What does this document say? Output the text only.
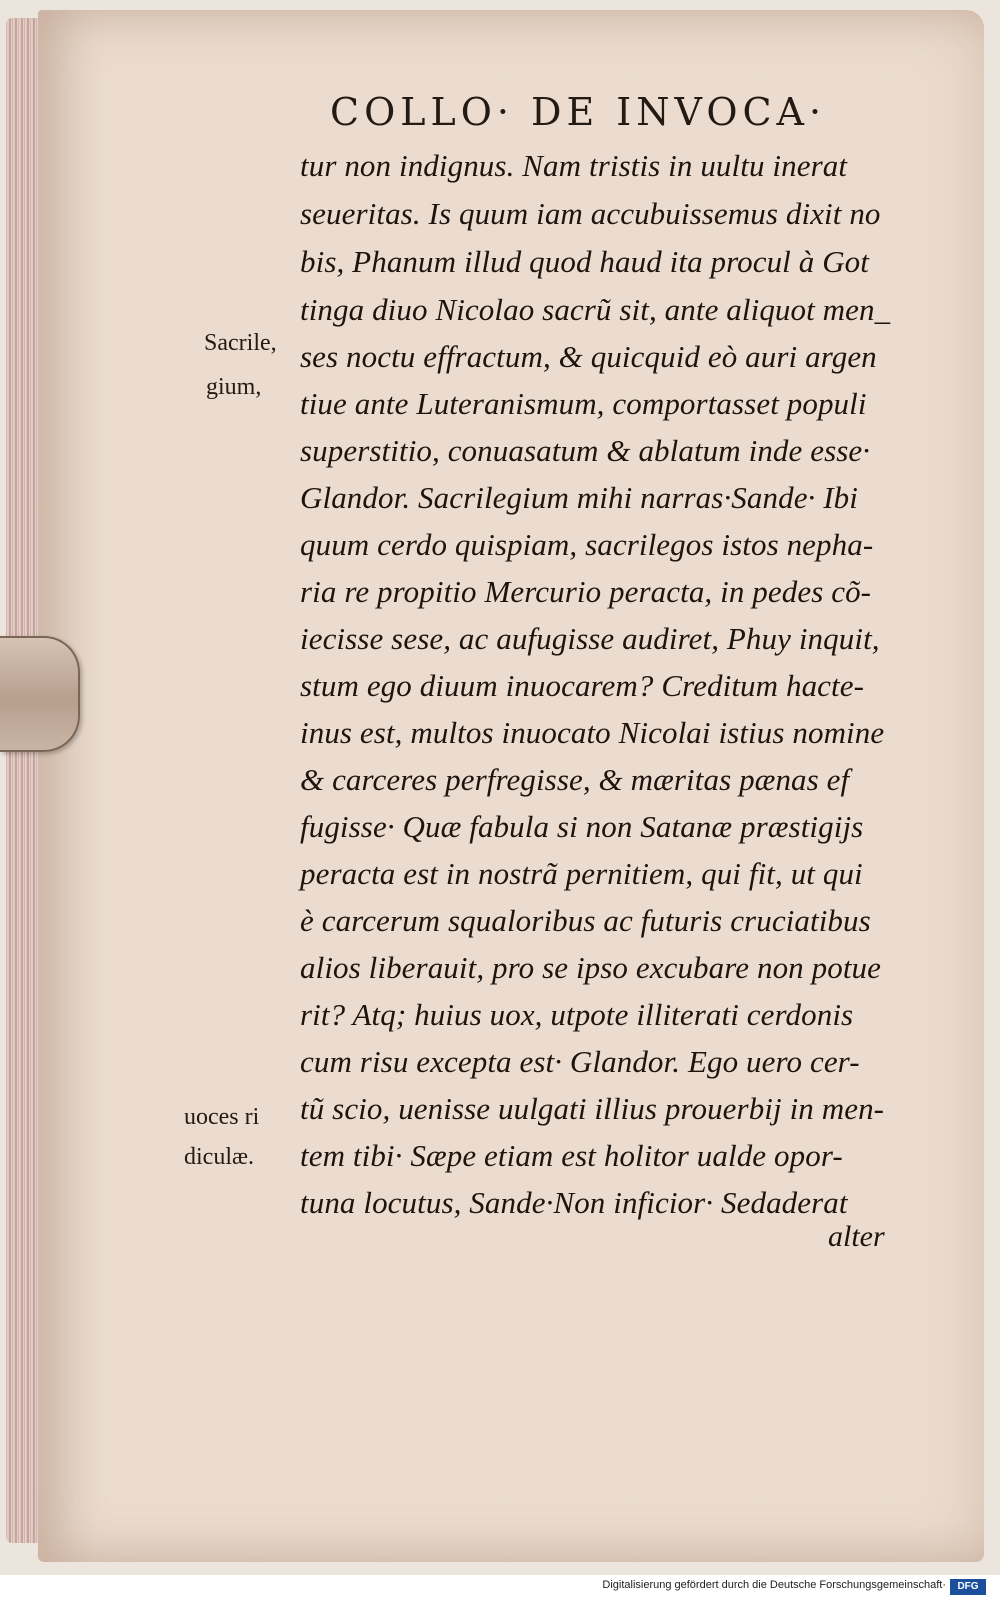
COLLO· DE INVOCA·
tur non indignus. Nam tristis in uultu inerat
seueritas. Is quum iam accubuissemus dixit no
bis, Phanum illud quod haud ita procul à Got
tinga diuo Nicolao sacrũ sit, ante aliquot men_
ses noctu effractum, & quicquid eò auri argen
tiue ante Luteranismum, comportasset populi
superstitio, conuasatum & ablatum inde esse·
Glandor. Sacrilegium mihi narras·Sande· Ibi
quum cerdo quispiam, sacrilegos istos nepha-
ria re propitio Mercurio peracta, in pedes cõ-
iecisse sese, ac aufugisse audiret, Phuy inquit,
stum ego diuum inuocarem? Creditum hacte-
inus est, multos inuocato Nicolai istius nomine
& carceres perfregisse, & mæritas pænas ef
fugisse· Quæ fabula si non Satanæ præstigijs
peracta est in nostrã pernitiem, qui fit, ut qui
è carcerum squaloribus ac futuris cruciatibus
alios liberauit, pro se ipso excubare non potue
rit? Atq; huius uox, utpote illiterati cerdonis
cum risu excepta est· Glandor. Ego uero cer-
tũ scio, uenisse uulgati illius prouerbij in men-
tem tibi· Sæpe etiam est holitor ualde opor-
tuna locutus, Sande·Non inficior· Sedaderat
alter
Sacrile,
gium,
uoces ri
diculæ.
Digitalisierung gefördert durch die Deutsche Forschungsgemeinschaft·	DFG
